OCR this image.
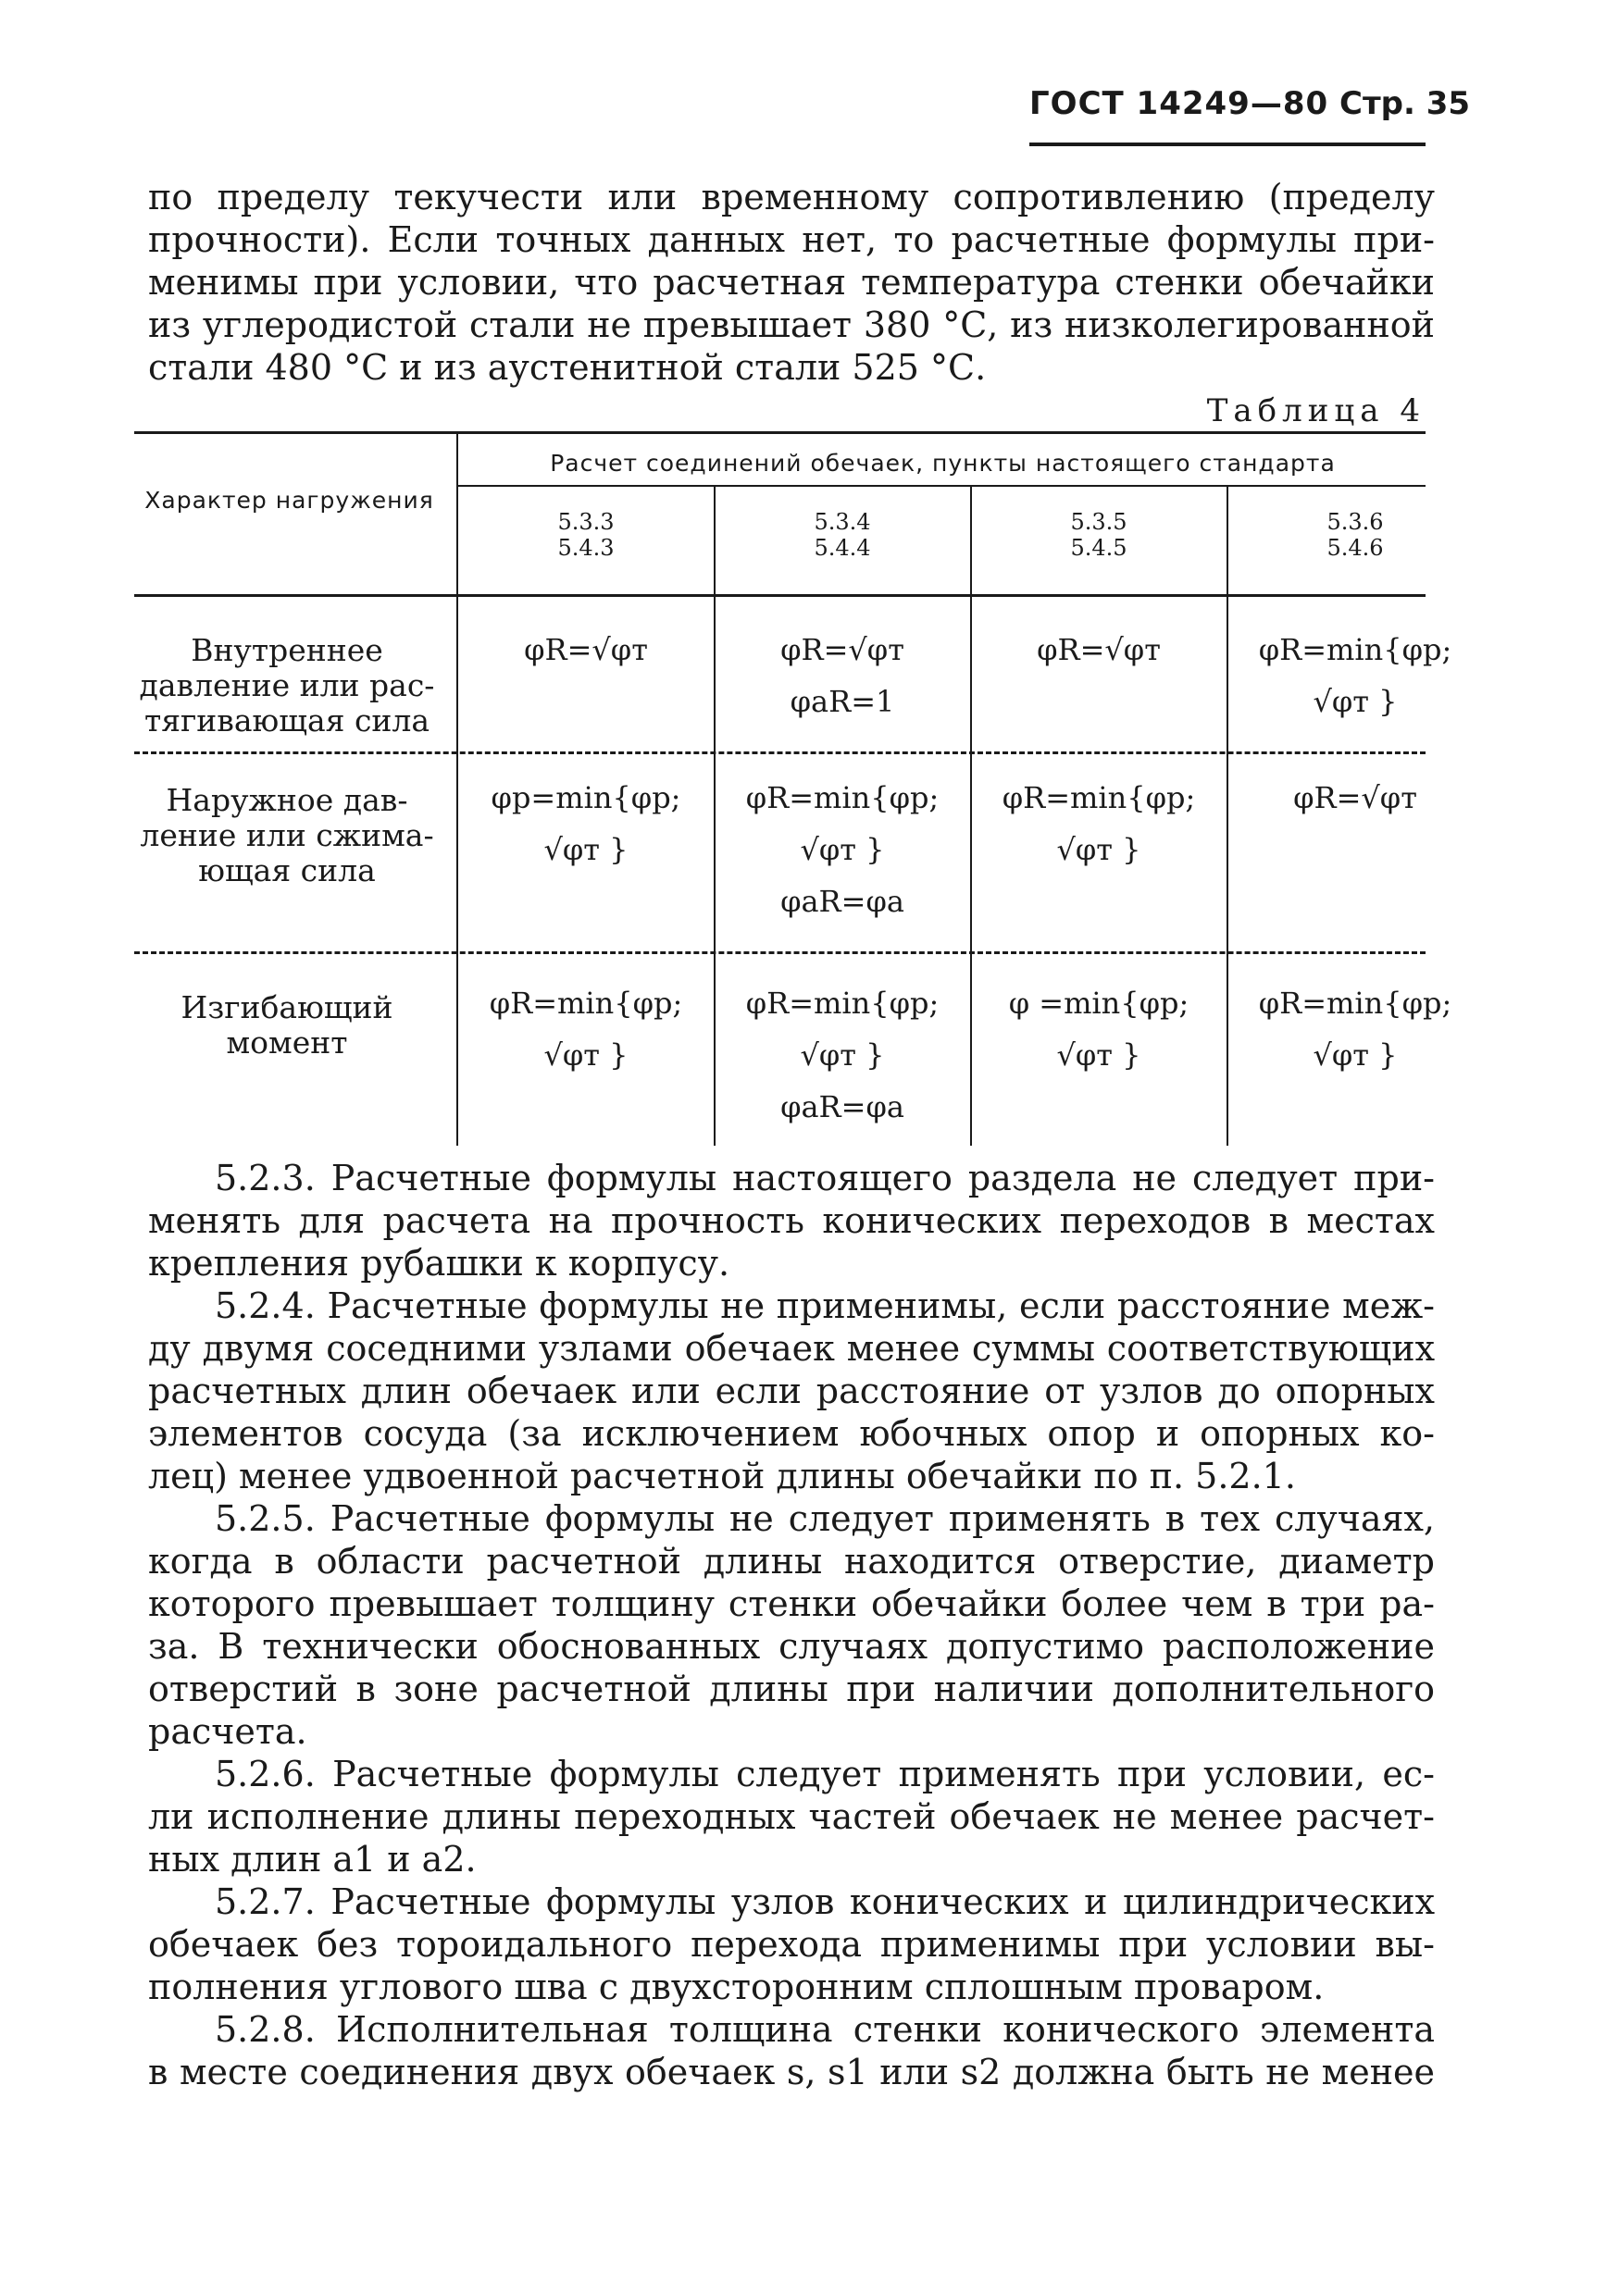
ГОСТ 14249—80 Стр. 35
по пределу текучести или временному сопротивлению (пределу
прочности). Если точных данных нет, то расчетные формулы при-
менимы при условии, что расчетная температура стенки обечайки
из углеродистой стали не превышает 380 °С, из низколегированной
стали 480 °С и из аустенитной стали 525 °С.
Таблица 4
Характер нагружения
Расчет соединений обечаек, пункты настоящего стандарта
5.3.3
5.4.3
5.3.4
5.4.4
5.3.5
5.4.5
5.3.6
5.4.6
Внутреннее
давление или рас-
тягивающая сила
φR=√φт	φR=√φт
φaR=1
φR=√φт	φR=min{φp;
√φт }
Наружное дав-
ление или сжима-
ющая сила
φp=min{φp;
√φт }
φR=min{φp;
√φт }
φaR=φa
φR=min{φp;
√φт }
φR=√φт
Изгибающий
момент
φR=min{φp;
√φт }
φR=min{φp;
√φт }
φaR=φa
φ =min{φp;
√φт }
φR=min{φp;
√φт }
5.2.3. Расчетные формулы настоящего раздела не следует при-
менять для расчета на прочность конических переходов в местах
крепления рубашки к корпусу.
5.2.4. Расчетные формулы не применимы, если расстояние меж-
ду двумя соседними узлами обечаек менее суммы соответствующих
расчетных длин обечаек или если расстояние от узлов до опорных
элементов сосуда (за исключением юбочных опор и опорных ко-
лец) менее удвоенной расчетной длины обечайки по п. 5.2.1.
5.2.5. Расчетные формулы не следует применять в тех случаях,
когда в области расчетной длины находится отверстие, диаметр
которого превышает толщину стенки обечайки более чем в три ра-
за. В технически обоснованных случаях допустимо расположение
отверстий в зоне расчетной длины при наличии дополнительного
расчета.
5.2.6. Расчетные формулы следует применять при условии, ес-
ли исполнение длины переходных частей обечаек не менее расчет-
ных длин a1 и a2.
5.2.7. Расчетные формулы узлов конических и цилиндрических
обечаек без тороидального перехода применимы при условии вы-
полнения углового шва с двухсторонним сплошным проваром.
5.2.8. Исполнительная толщина стенки конического элемента
в месте соединения двух обечаек s, s1 или s2 должна быть не менее
